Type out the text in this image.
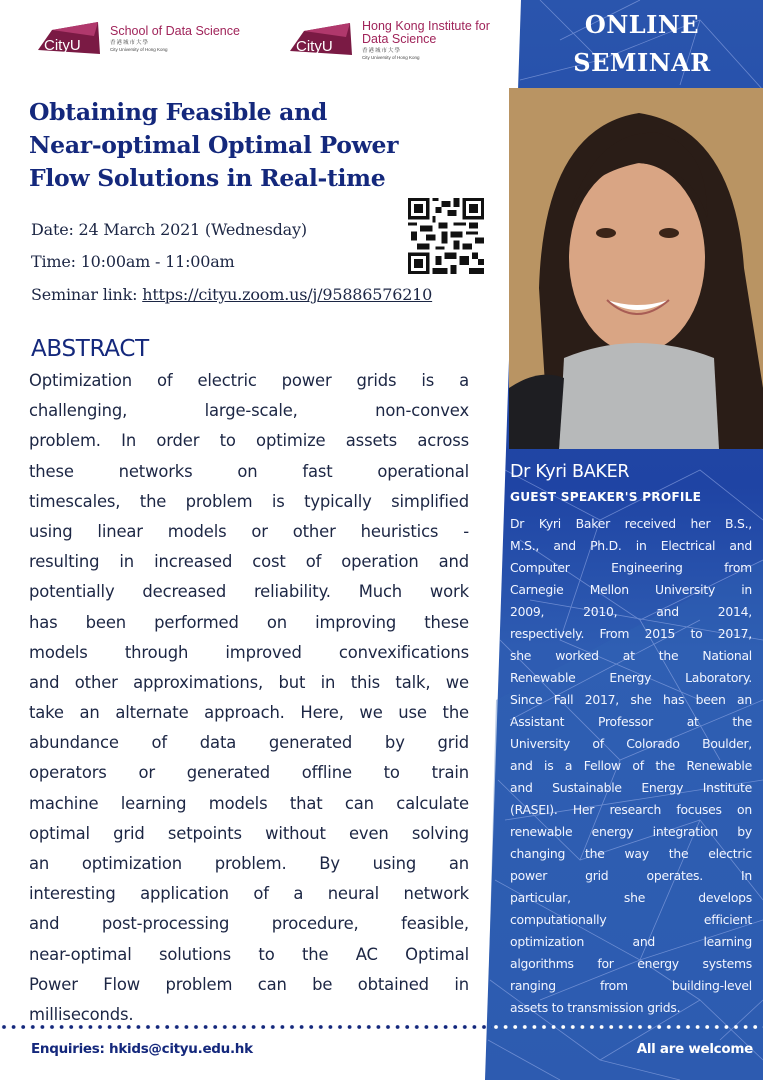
CityU
School of Data Science
香港城市大學
City University of Hong Kong	CityU
Hong Kong Institute for
Data Science
香港城市大學
City University of Hong Kong
ONLINE
SEMINAR
Obtaining Feasible and
Near-optimal Optimal Power
Flow Solutions in Real-time
Date: 24 March 2021 (Wednesday)
Time: 10:00am - 11:00am
Seminar link: https://cityu.zoom.us/j/95886576210
ABSTRACT
Optimization of electric power grids is a
challenging, large-scale, non-convex
problem. In order to optimize assets across
these networks on fast operational
timescales, the problem is typically simplified
using linear models or other heuristics -
resulting in increased cost of operation and
potentially decreased reliability. Much work
has been performed on improving these
models through improved convexifications
and other approximations, but in this talk, we
take an alternate approach. Here, we use the
abundance of data generated by grid
operators or generated offline to train
machine learning models that can calculate
optimal grid setpoints without even solving
an optimization problem. By using an
interesting application of a neural network
and post-processing procedure, feasible,
near-optimal solutions to the AC Optimal
Power Flow problem can be obtained in
milliseconds.
Dr Kyri BAKER
GUEST SPEAKER'S PROFILE
Dr Kyri Baker received her B.S.,
M.S., and Ph.D. in Electrical and
Computer Engineering from
Carnegie Mellon University in
2009, 2010, and 2014,
respectively. From 2015 to 2017,
she worked at the National
Renewable Energy Laboratory.
Since Fall 2017, she has been an
Assistant Professor at the
University of Colorado Boulder,
and is a Fellow of the Renewable
and Sustainable Energy Institute
(RASEI). Her research focuses on
renewable energy integration by
changing the way the electric
power grid operates. In
particular, she develops
computationally efficient
optimization and learning
algorithms for energy systems
ranging from building-level
assets to transmission grids.
Enquiries: hkids@cityu.edu.hk	All are welcome
